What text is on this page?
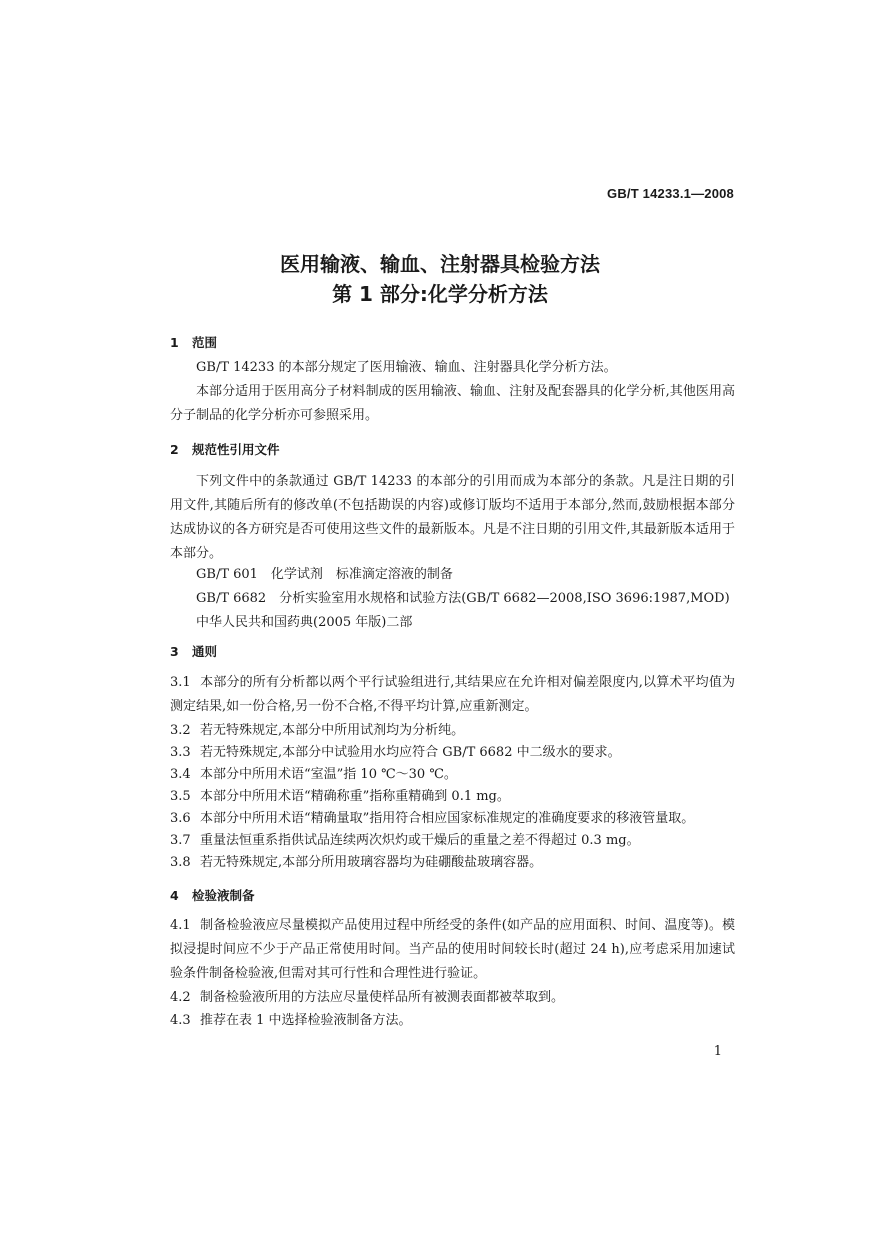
GB/T 14233.1—2008
医用输液、输血、注射器具检验方法
第 1 部分:化学分析方法
1 范围
GB/T 14233 的本部分规定了医用输液、输血、注射器具化学分析方法。
本部分适用于医用高分子材料制成的医用输液、输血、注射及配套器具的化学分析,其他医用高分子制品的化学分析亦可参照采用。
2 规范性引用文件
下列文件中的条款通过 GB/T 14233 的本部分的引用而成为本部分的条款。凡是注日期的引用文件,其随后所有的修改单(不包括勘误的内容)或修订版均不适用于本部分,然而,鼓励根据本部分达成协议的各方研究是否可使用这些文件的最新版本。凡是不注日期的引用文件,其最新版本适用于本部分。
GB/T 601　化学试剂　标准滴定溶液的制备
GB/T 6682　分析实验室用水规格和试验方法(GB/T 6682—2008,ISO 3696:1987,MOD)
中华人民共和国药典(2005 年版)二部
3 通则
3.1 本部分的所有分析都以两个平行试验组进行,其结果应在允许相对偏差限度内,以算术平均值为测定结果,如一份合格,另一份不合格,不得平均计算,应重新测定。
3.2 若无特殊规定,本部分中所用试剂均为分析纯。
3.3 若无特殊规定,本部分中试验用水均应符合 GB/T 6682 中二级水的要求。
3.4 本部分中所用术语“室温”指 10 ℃～30 ℃。
3.5 本部分中所用术语“精确称重”指称重精确到 0.1 mg。
3.6 本部分中所用术语“精确量取”指用符合相应国家标准规定的准确度要求的移液管量取。
3.7 重量法恒重系指供试品连续两次炽灼或干燥后的重量之差不得超过 0.3 mg。
3.8 若无特殊规定,本部分所用玻璃容器均为硅硼酸盐玻璃容器。
4 检验液制备
4.1 制备检验液应尽量模拟产品使用过程中所经受的条件(如产品的应用面积、时间、温度等)。模拟浸提时间应不少于产品正常使用时间。当产品的使用时间较长时(超过 24 h),应考虑采用加速试验条件制备检验液,但需对其可行性和合理性进行验证。
4.2 制备检验液所用的方法应尽量使样品所有被测表面都被萃取到。
4.3 推荐在表 1 中选择检验液制备方法。
1
